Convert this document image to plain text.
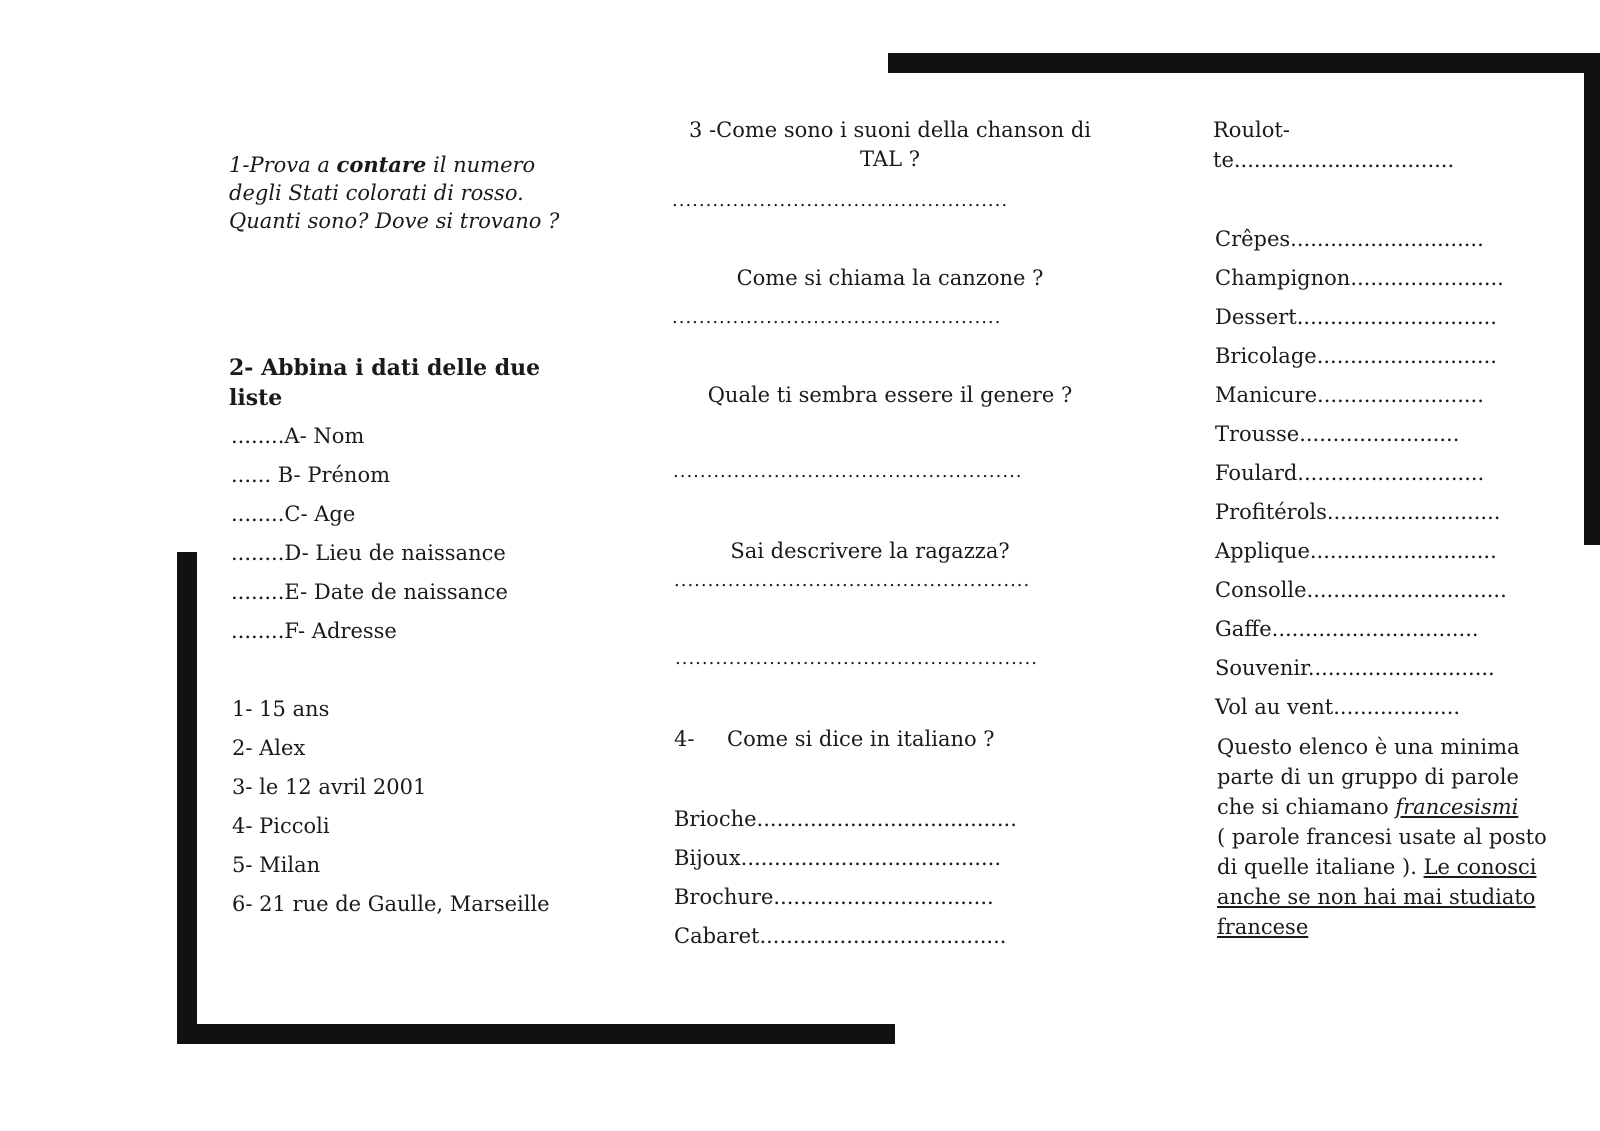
1-Prova a contare il numero
degli Stati colorati di rosso.
Quanti sono? Dove si trovano ?
2- Abbina i dati delle due
liste
........A- Nom
...... B- Prénom
........C- Age
........D- Lieu de naissance
........E- Date de naissance
........F- Adresse
1- 15 ans
2- Alex
3- le 12 avril 2001
4- Piccoli
5- Milan
6- 21 rue de Gaulle, Marseille
3 -Come sono i suoni della chanson di
TAL ?
..................................................
Come si chiama la canzone ?
.................................................
Quale ti sembra essere il genere ?
....................................................
Sai descrivere la ragazza?
.....................................................
......................................................
4- Come si dice in italiano ?
Brioche.......................................
Bijoux.......................................
Brochure.................................
Cabaret.....................................
Roulot-
te.................................
Crêpes.............................
Champignon.......................
Dessert..............................
Bricolage...........................
Manicure.........................
Trousse........................
Foulard............................
Profitérols..........................
Applique............................
Consolle..............................
Gaffe...............................
Souvenir............................
Vol au vent...................
Questo elenco è una minima
parte di un gruppo di parole
che si chiamano francesismi
( parole francesi usate al posto
di quelle italiane ). Le conosci
anche se non hai mai studiato
francese
